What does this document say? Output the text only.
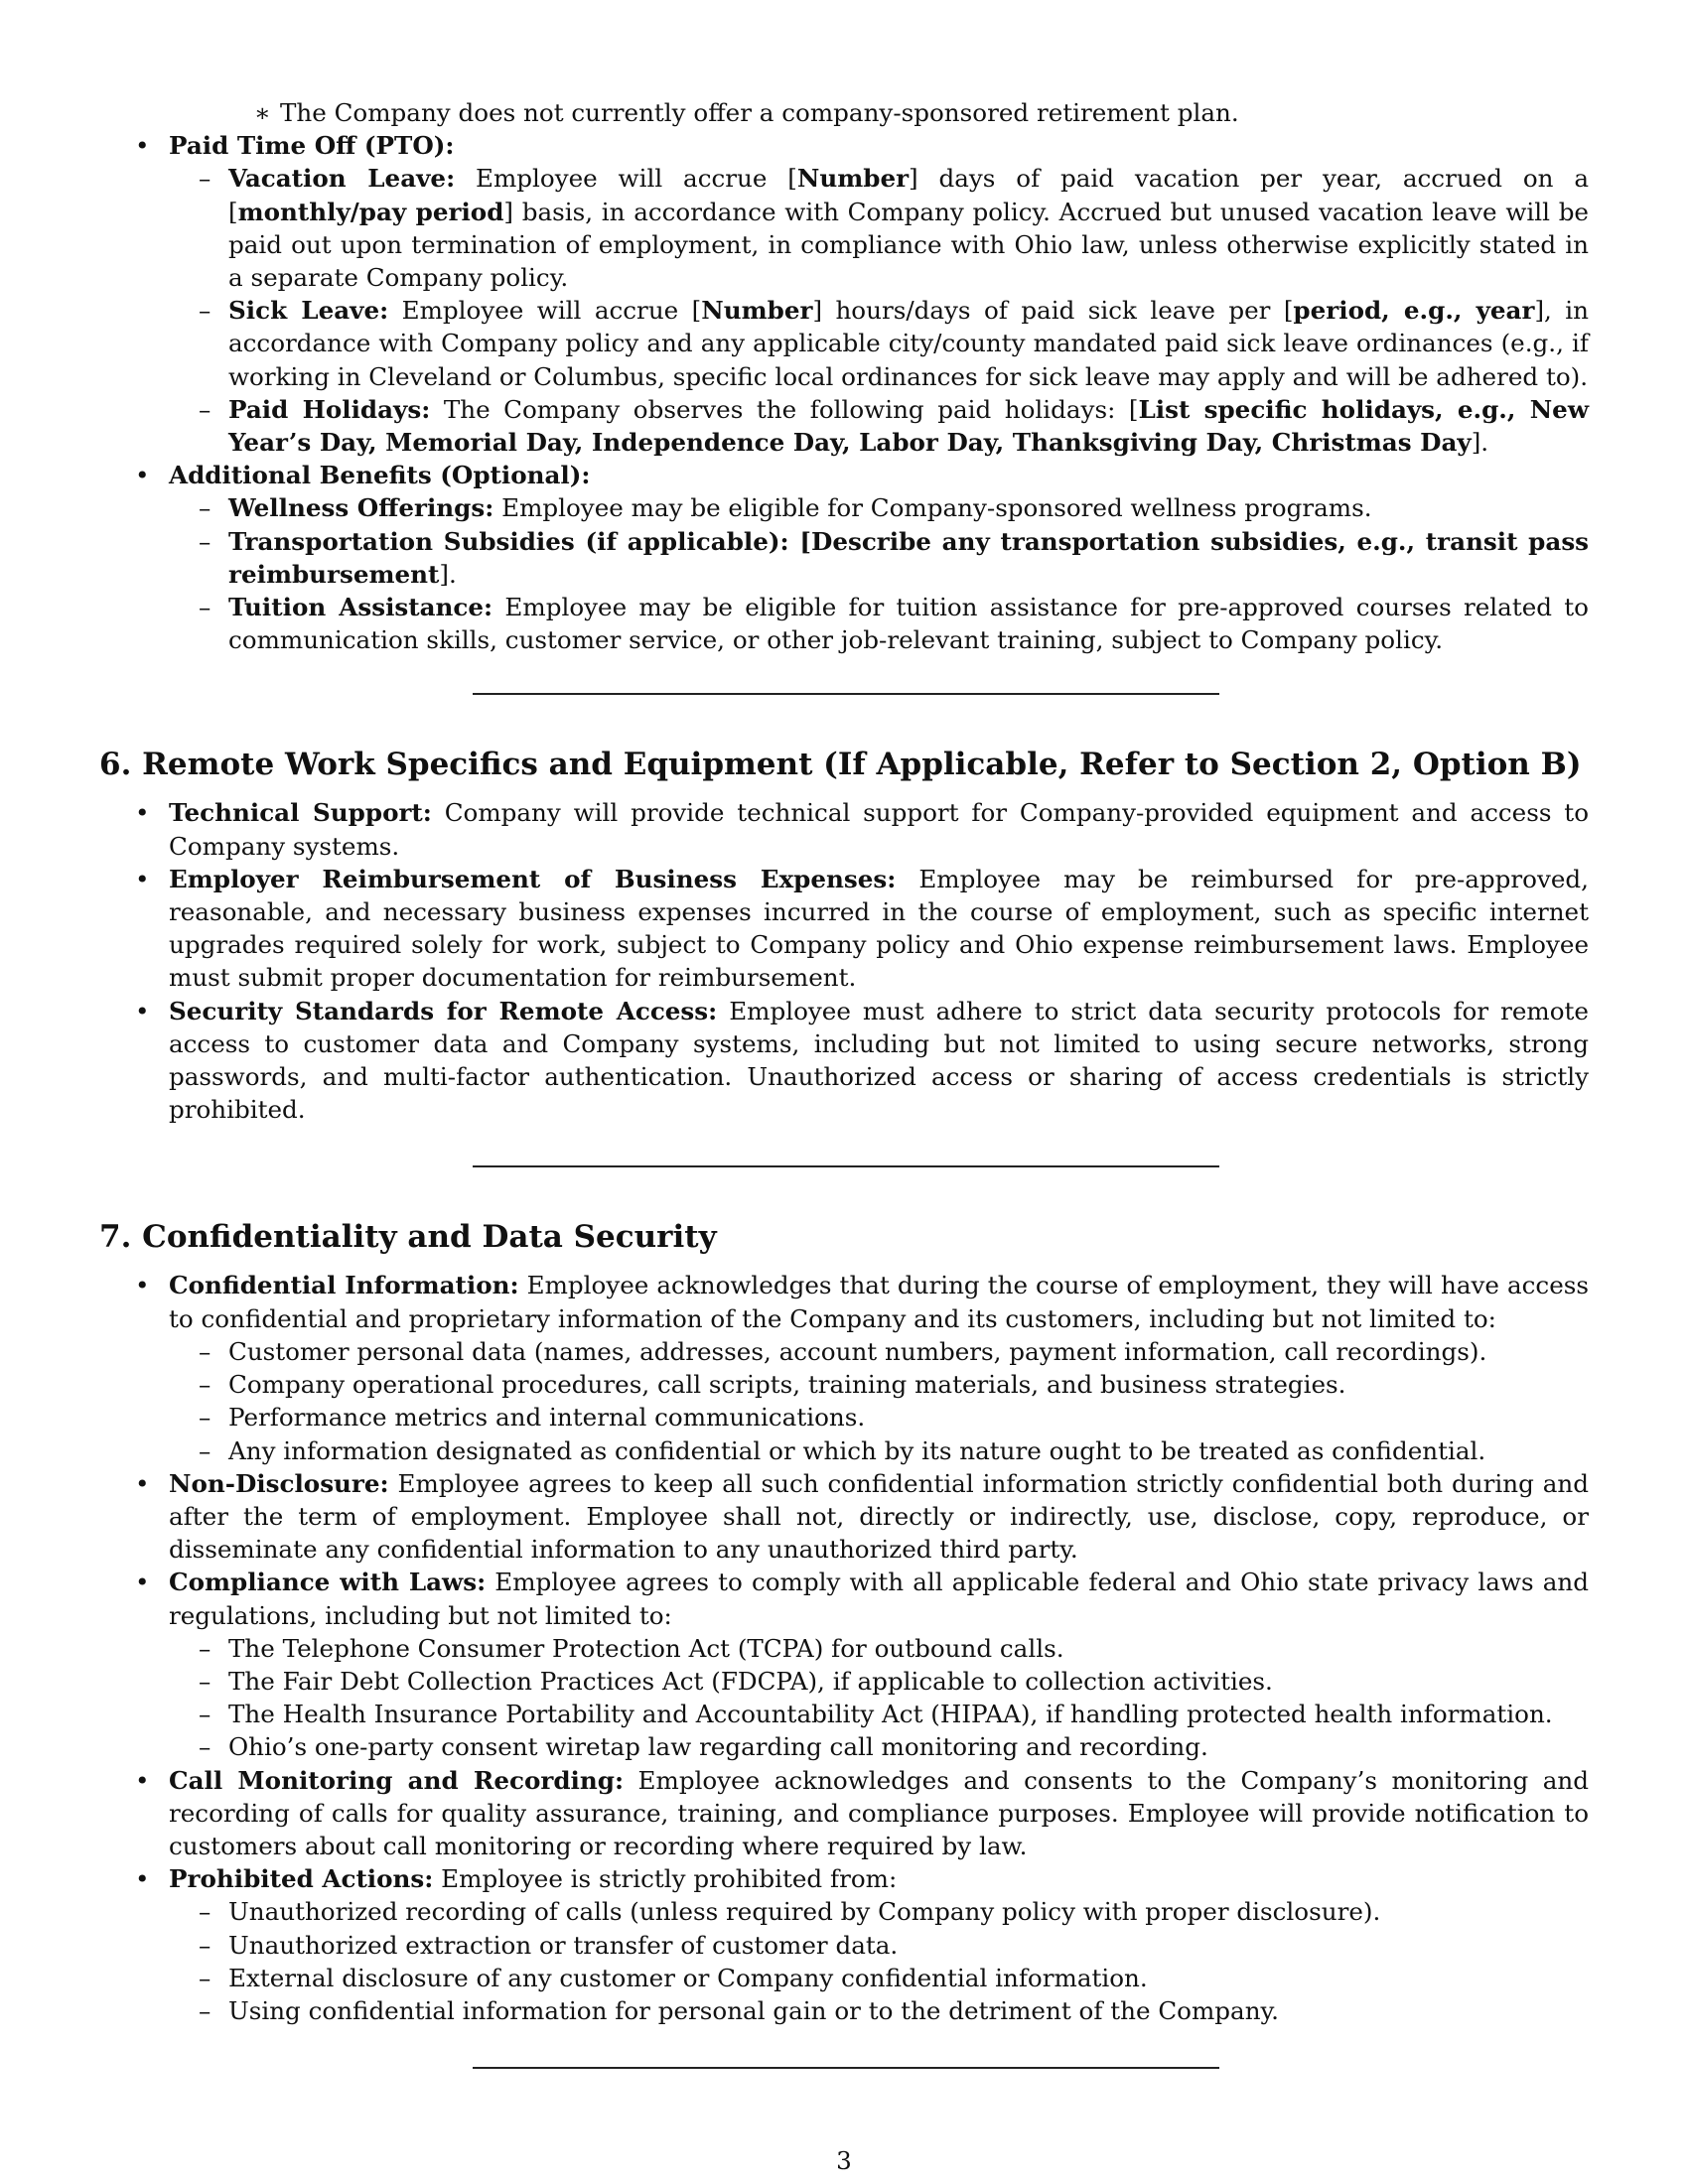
∗ The Company does not currently offer a company-sponsored retirement plan.

• Paid Time Off (PTO):

– Vacation Leave: Employee will accrue [Number] days of paid vacation per year, accrued on a [monthly/pay period] basis, in accordance with Company policy. Accrued but unused vacation leave will be paid out upon termination of employment, in compliance with Ohio law, unless otherwise explicitly stated in a separate Company policy.

– Sick Leave: Employee will accrue [Number] hours/days of paid sick leave per [period, e.g., year], in accordance with Company policy and any applicable city/county mandated paid sick leave ordinances (e.g., if working in Cleveland or Columbus, specific local ordinances for sick leave may apply and will be adhered to).

– Paid Holidays: The Company observes the following paid holidays: [List specific holidays, e.g., New Year’s Day, Memorial Day, Independence Day, Labor Day, Thanksgiving Day, Christmas Day].

• Additional Benefits (Optional):

– Wellness Offerings: Employee may be eligible for Company-sponsored wellness programs.

– Transportation Subsidies (if applicable): [Describe any transportation subsidies, e.g., transit pass reimbursement].

– Tuition Assistance: Employee may be eligible for tuition assistance for pre-approved courses related to communication skills, customer service, or other job-relevant training, subject to Company policy.

6. Remote Work Specifics and Equipment (If Applicable, Refer to Section 2, Option B)

• Technical Support: Company will provide technical support for Company-provided equipment and access to Company systems.

• Employer Reimbursement of Business Expenses: Employee may be reimbursed for pre-approved, reasonable, and necessary business expenses incurred in the course of employment, such as specific internet upgrades required solely for work, subject to Company policy and Ohio expense reimbursement laws. Employee must submit proper documentation for reimbursement.

• Security Standards for Remote Access: Employee must adhere to strict data security protocols for remote access to customer data and Company systems, including but not limited to using secure networks, strong passwords, and multi-factor authentication. Unauthorized access or sharing of access credentials is strictly prohibited.

7. Confidentiality and Data Security

• Confidential Information: Employee acknowledges that during the course of employment, they will have access to confidential and proprietary information of the Company and its customers, including but not limited to:

– Customer personal data (names, addresses, account numbers, payment information, call recordings).

– Company operational procedures, call scripts, training materials, and business strategies.

– Performance metrics and internal communications.

– Any information designated as confidential or which by its nature ought to be treated as confidential.

• Non-Disclosure: Employee agrees to keep all such confidential information strictly confidential both during and after the term of employment. Employee shall not, directly or indirectly, use, disclose, copy, reproduce, or disseminate any confidential information to any unauthorized third party.

• Compliance with Laws: Employee agrees to comply with all applicable federal and Ohio state privacy laws and regulations, including but not limited to:

– The Telephone Consumer Protection Act (TCPA) for outbound calls.

– The Fair Debt Collection Practices Act (FDCPA), if applicable to collection activities.

– The Health Insurance Portability and Accountability Act (HIPAA), if handling protected health information.

– Ohio’s one-party consent wiretap law regarding call monitoring and recording.

• Call Monitoring and Recording: Employee acknowledges and consents to the Company’s monitoring and recording of calls for quality assurance, training, and compliance purposes. Employee will provide notification to customers about call monitoring or recording where required by law.

• Prohibited Actions: Employee is strictly prohibited from:

– Unauthorized recording of calls (unless required by Company policy with proper disclosure).

– Unauthorized extraction or transfer of customer data.

– External disclosure of any customer or Company confidential information.

– Using confidential information for personal gain or to the detriment of the Company.

3
